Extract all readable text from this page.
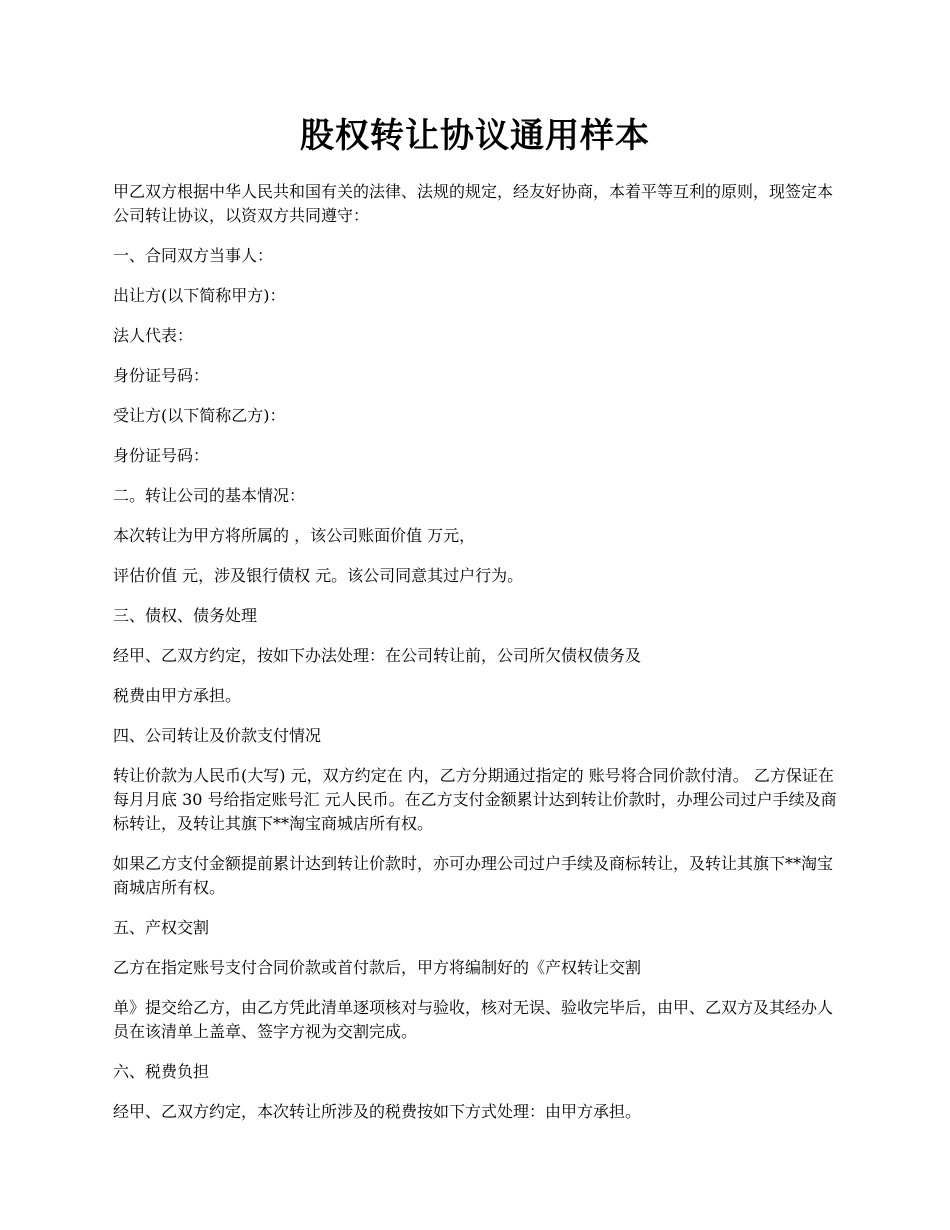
股权转让协议通用样本

甲乙双方根据中华人民共和国有关的法律、法规的规定，经友好协商，本着平等互利的原则，现签定本公司转让协议，以资双方共同遵守：

一、合同双方当事人：

出让方(以下简称甲方)：

法人代表：

身份证号码：

受让方(以下简称乙方)：

身份证号码：

二。转让公司的基本情况：

本次转让为甲方将所属的 ，该公司账面价值 万元，

评估价值 元，涉及银行债权 元。该公司同意其过户行为。

三、债权、债务处理

经甲、乙双方约定，按如下办法处理：在公司转让前，公司所欠债权债务及

税费由甲方承担。

四、公司转让及价款支付情况

转让价款为人民币(大写) 元，双方约定在 内，乙方分期通过指定的 账号将合同价款付清。 乙方保证在每月月底 30 号给指定账号汇 元人民币。在乙方支付金额累计达到转让价款时，办理公司过户手续及商标转让，及转让其旗下**淘宝商城店所有权。

如果乙方支付金额提前累计达到转让价款时，亦可办理公司过户手续及商标转让，及转让其旗下**淘宝商城店所有权。

五、产权交割

乙方在指定账号支付合同价款或首付款后，甲方将编制好的《产权转让交割

单》提交给乙方，由乙方凭此清单逐项核对与验收，核对无误、验收完毕后，由甲、乙双方及其经办人员在该清单上盖章、签字方视为交割完成。

六、税费负担

经甲、乙双方约定，本次转让所涉及的税费按如下方式处理：由甲方承担。
